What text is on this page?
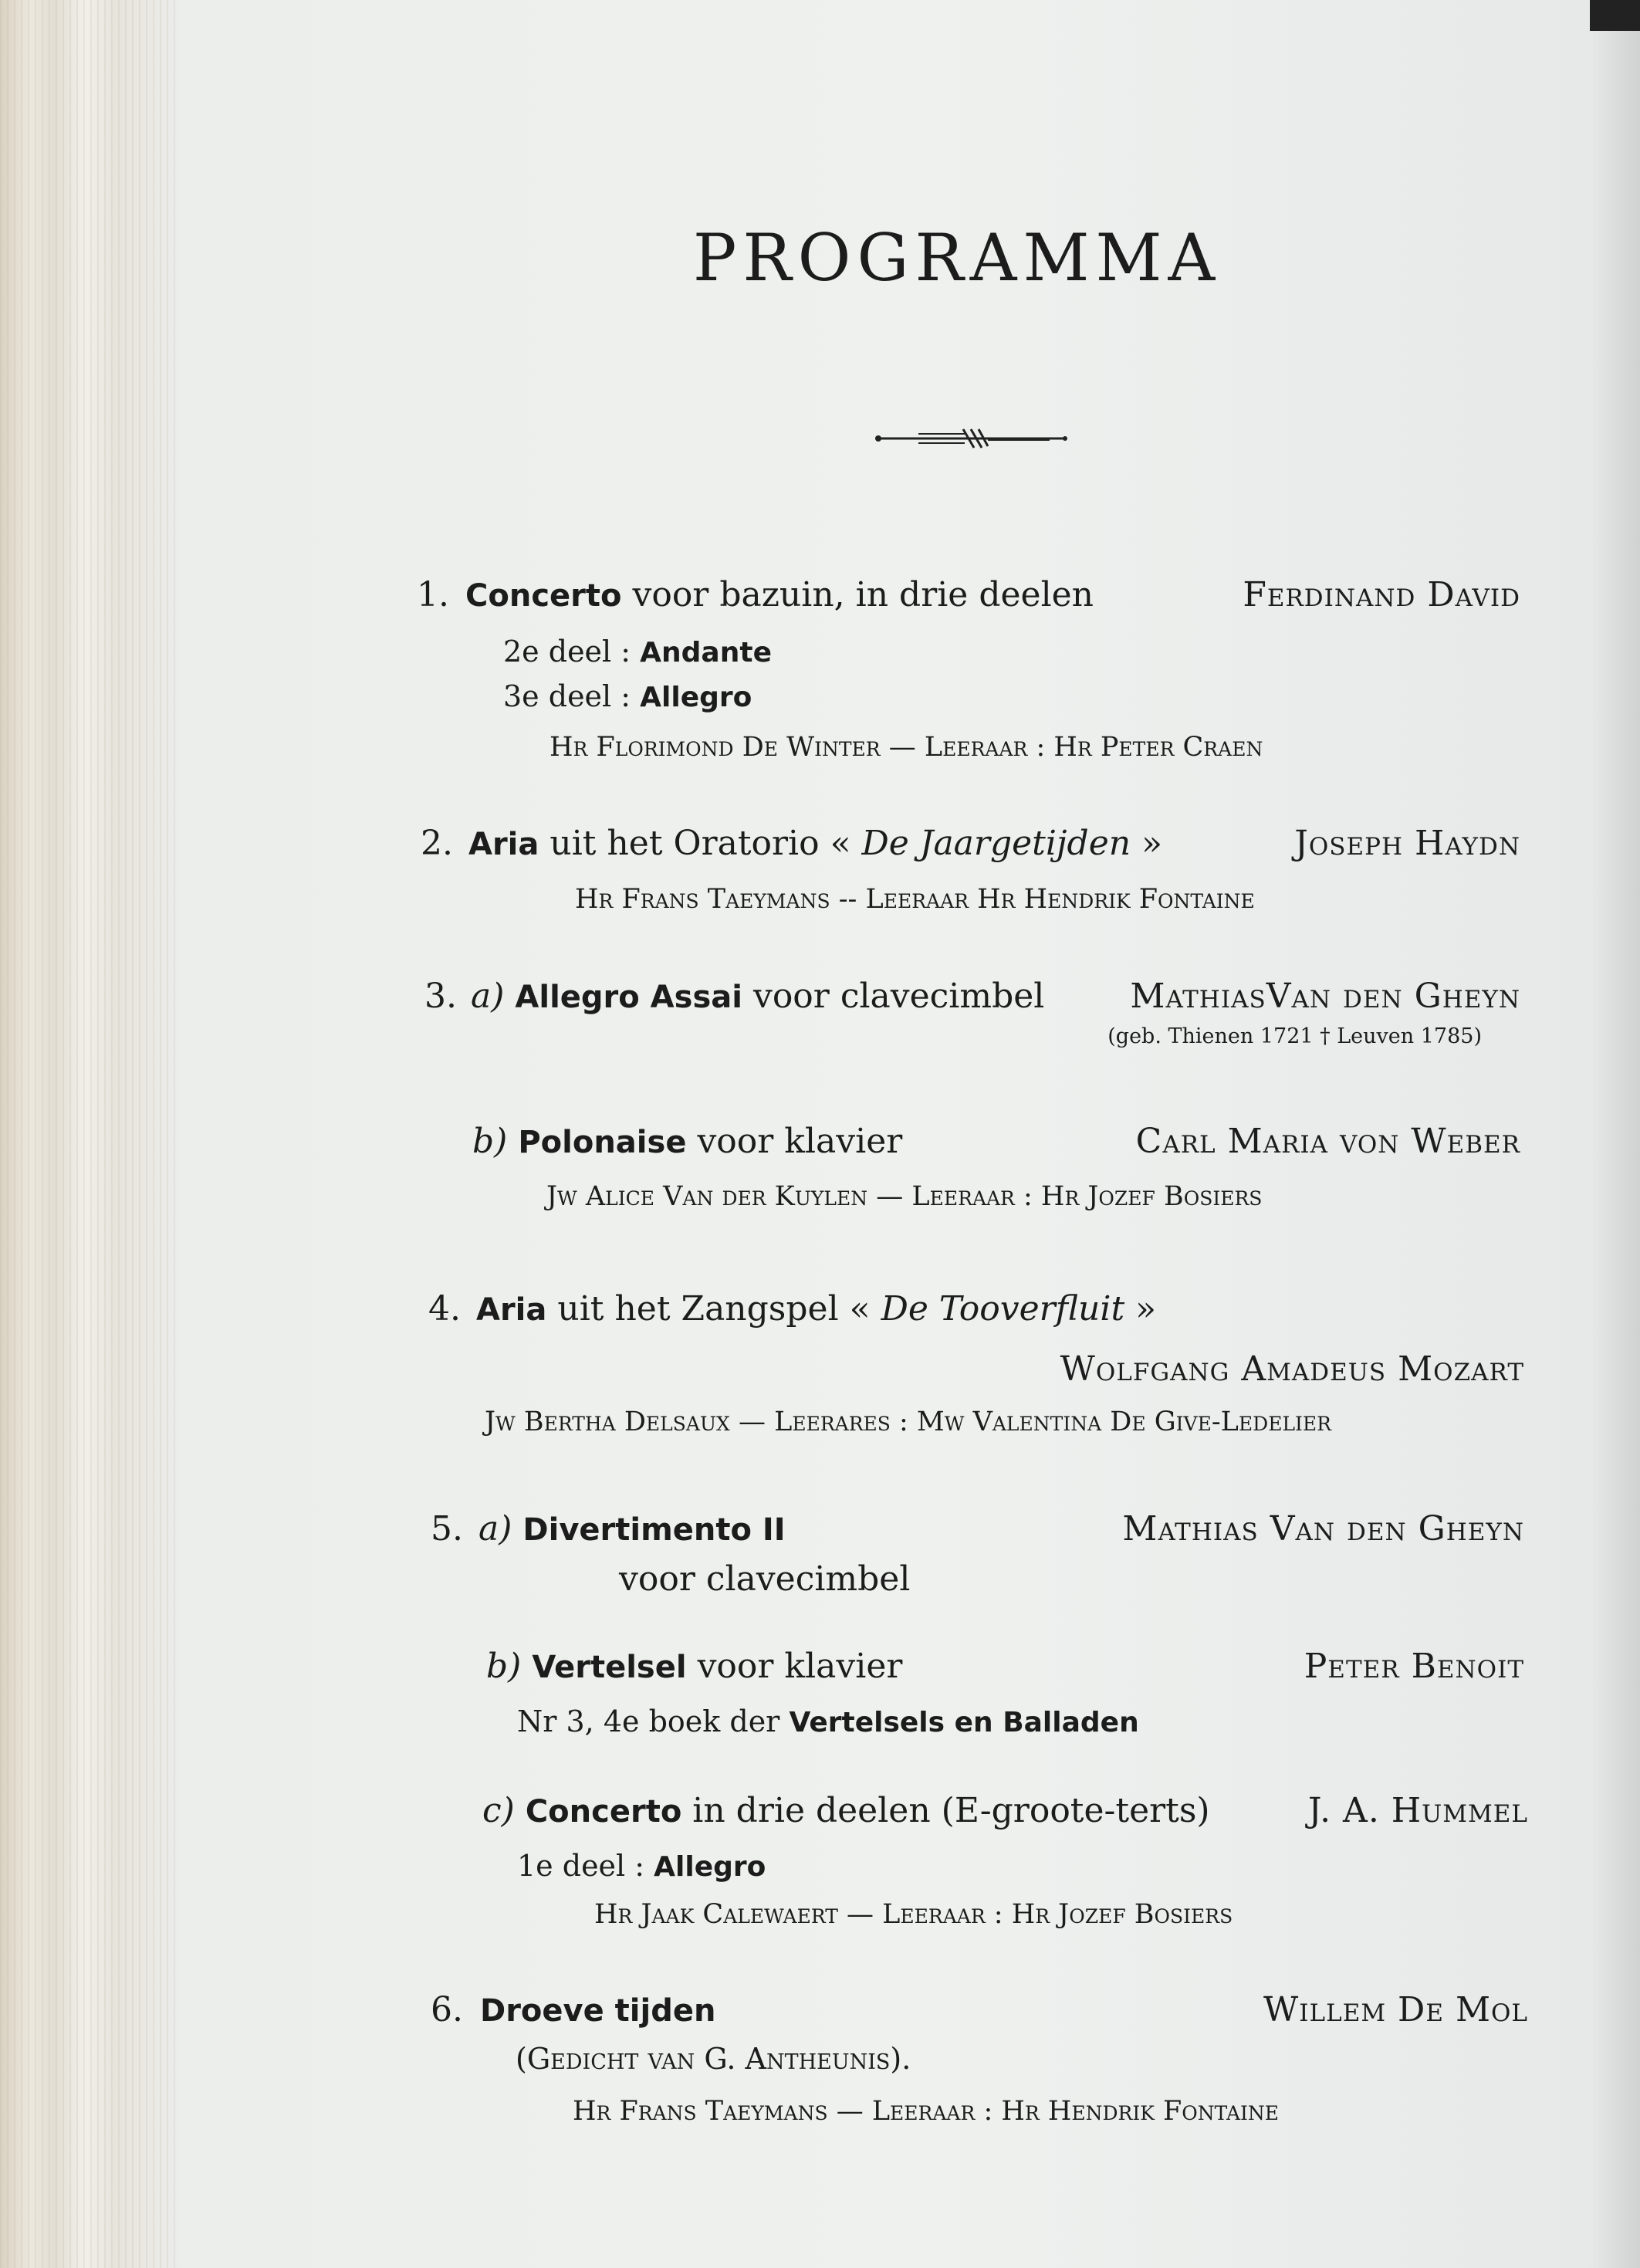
PROGRAMMA
1. Concerto voor bazuin, in drie deelen	Ferdinand David
2e deel : Andante
3e deel : Allegro
Hr Florimond De Winter — Leeraar : Hr Peter Craen
2. Aria uit het Oratorio « De Jaargetijden »	Joseph Haydn
Hr Frans Taeymans -- Leeraar Hr Hendrik Fontaine
3. a) Allegro Assai voor clavecimbel	MathiasVan den Gheyn
(geb. Thienen 1721 † Leuven 1785)
b) Polonaise voor klavier	Carl Maria von Weber
Jw Alice Van der Kuylen — Leeraar : Hr Jozef Bosiers
4. Aria uit het Zangspel « De Tooverfluit »
Wolfgang Amadeus Mozart
Jw Bertha Delsaux — Leerares : Mw Valentina De Give-Ledelier
5. a) Divertimento II	Mathias Van den Gheyn
voor clavecimbel
b) Vertelsel voor klavier	Peter Benoit
Nr 3, 4e boek der Vertelsels en Balladen
c) Concerto in drie deelen (E-groote-terts)	J. A. Hummel
1e deel : Allegro
Hr Jaak Calewaert — Leeraar : Hr Jozef Bosiers
6. Droeve tijden	Willem De Mol
(Gedicht van G. Antheunis).
Hr Frans Taeymans — Leeraar : Hr Hendrik Fontaine
